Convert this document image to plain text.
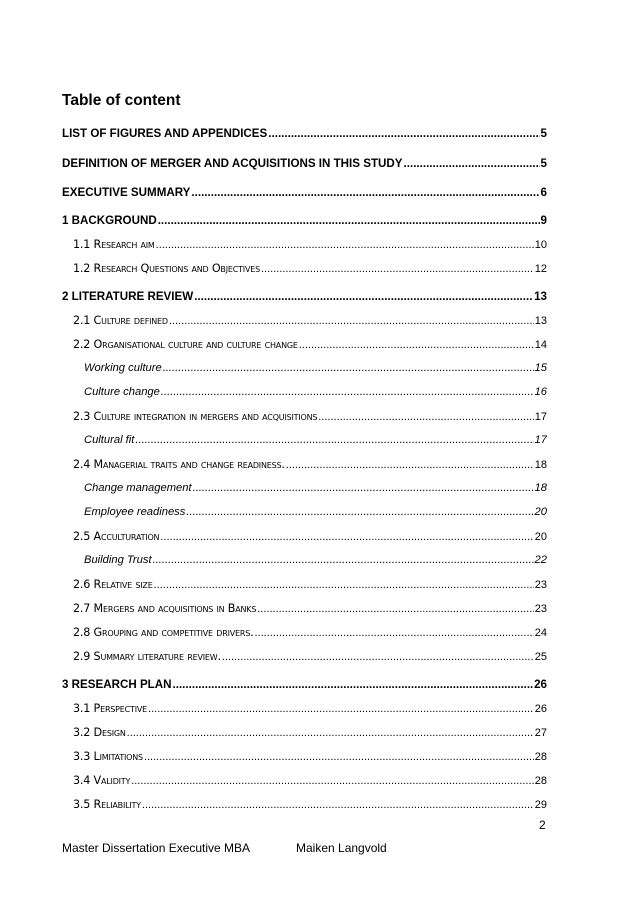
Table of content
LIST OF FIGURES AND APPENDICES .....	5
DEFINITION OF MERGER AND ACQUISITIONS IN THIS STUDY .....	5
EXECUTIVE SUMMARY .....	6
1 BACKGROUND .....	9
1.1 Research aim .....	10
1.2 Research Questions and Objectives .....	12
2 LITERATURE REVIEW .....	13
2.1 Culture defined .....	13
2.2 Organisational culture and culture change .....	14
Working culture .....	15
Culture change .....	16
2.3 Culture integration in mergers and acquisitions .....	17
Cultural fit .....	17
2.4 Managerial traits and change readiness. .....	18
Change management .....	18
Employee readiness .....	20
2.5 Acculturation .....	20
Building Trust .....	22
2.6 Relative size .....	23
2.7 Mergers and acquisitions in Banks .....	23
2.8 Grouping and competitive drivers. .....	24
2.9 Summary literature review. .....	25
3 RESEARCH PLAN .....	26
3.1 Perspective .....	26
3.2 Design .....	27
3.3 Limitations .....	28
3.4 Validity .....	28
3.5 Reliability .....	29
2
Master Dissertation Executive MBA	Maiken Langvold
